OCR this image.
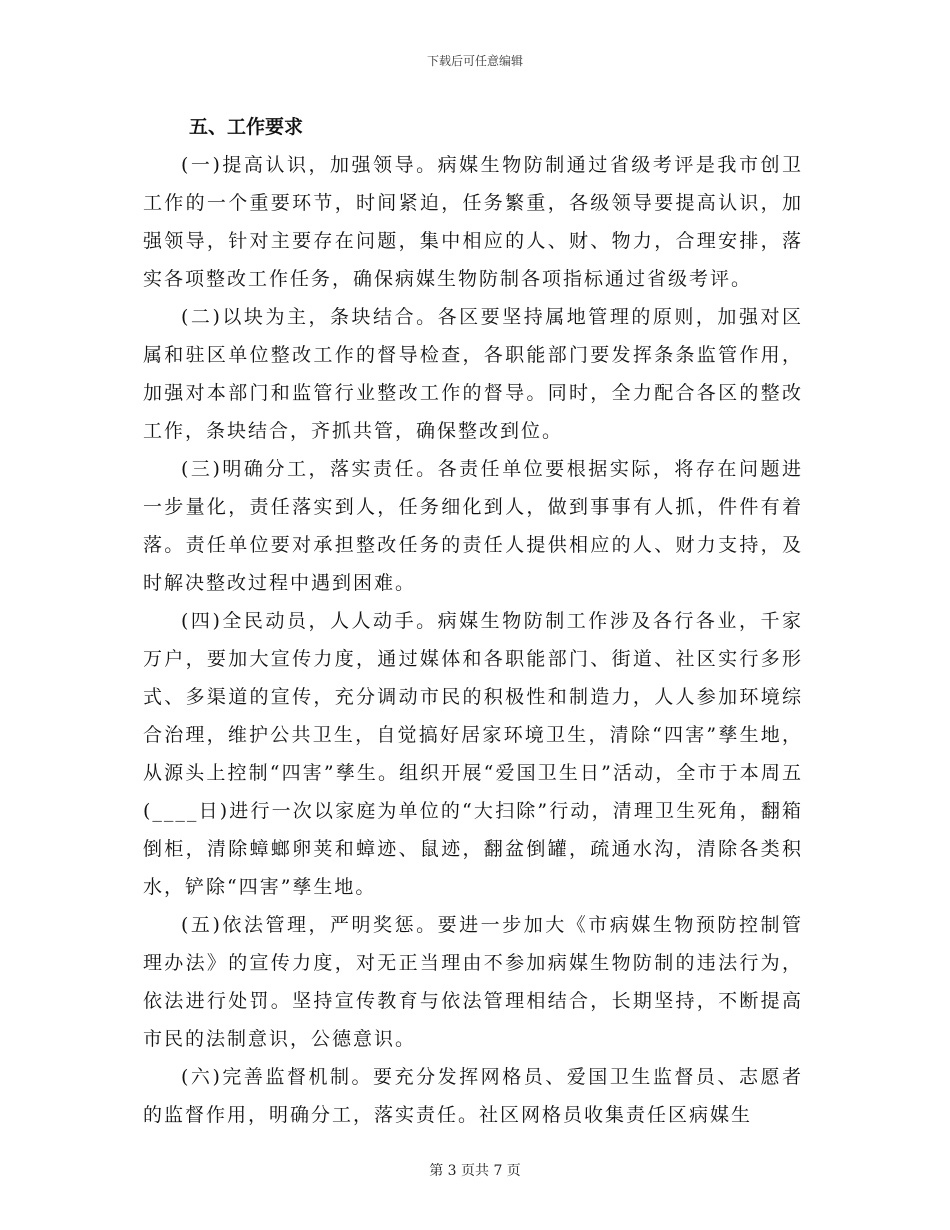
下载后可任意编辑
五、工作要求

(一)提高认识，加强领导。病媒生物防制通过省级考评是我市创卫工作的一个重要环节，时间紧迫，任务繁重，各级领导要提高认识，加强领导，针对主要存在问题，集中相应的人、财、物力，合理安排，落实各项整改工作任务，确保病媒生物防制各项指标通过省级考评。

(二)以块为主，条块结合。各区要坚持属地管理的原则，加强对区属和驻区单位整改工作的督导检查，各职能部门要发挥条条监管作用，加强对本部门和监管行业整改工作的督导。同时，全力配合各区的整改工作，条块结合，齐抓共管，确保整改到位。

(三)明确分工，落实责任。各责任单位要根据实际，将存在问题进一步量化，责任落实到人，任务细化到人，做到事事有人抓，件件有着落。责任单位要对承担整改任务的责任人提供相应的人、财力支持，及时解决整改过程中遇到困难。

(四)全民动员，人人动手。病媒生物防制工作涉及各行各业，千家万户，要加大宣传力度，通过媒体和各职能部门、街道、社区实行多形式、多渠道的宣传，充分调动市民的积极性和制造力，人人参加环境综合治理，维护公共卫生，自觉搞好居家环境卫生，清除“四害”孳生地，从源头上控制“四害”孳生。组织开展“爱国卫生日”活动，全市于本周五(____日)进行一次以家庭为单位的“大扫除”行动，清理卫生死角，翻箱倒柜，清除蟑螂卵荚和蟑迹、鼠迹，翻盆倒罐，疏通水沟，清除各类积水，铲除“四害”孳生地。

(五)依法管理，严明奖惩。要进一步加大《市病媒生物预防控制管理办法》的宣传力度，对无正当理由不参加病媒生物防制的违法行为，依法进行处罚。坚持宣传教育与依法管理相结合，长期坚持，不断提高市民的法制意识，公德意识。

(六)完善监督机制。要充分发挥网格员、爱国卫生监督员、志愿者的监督作用，明确分工，落实责任。社区网格员收集责任区病媒生

第 3 页共 7 页
